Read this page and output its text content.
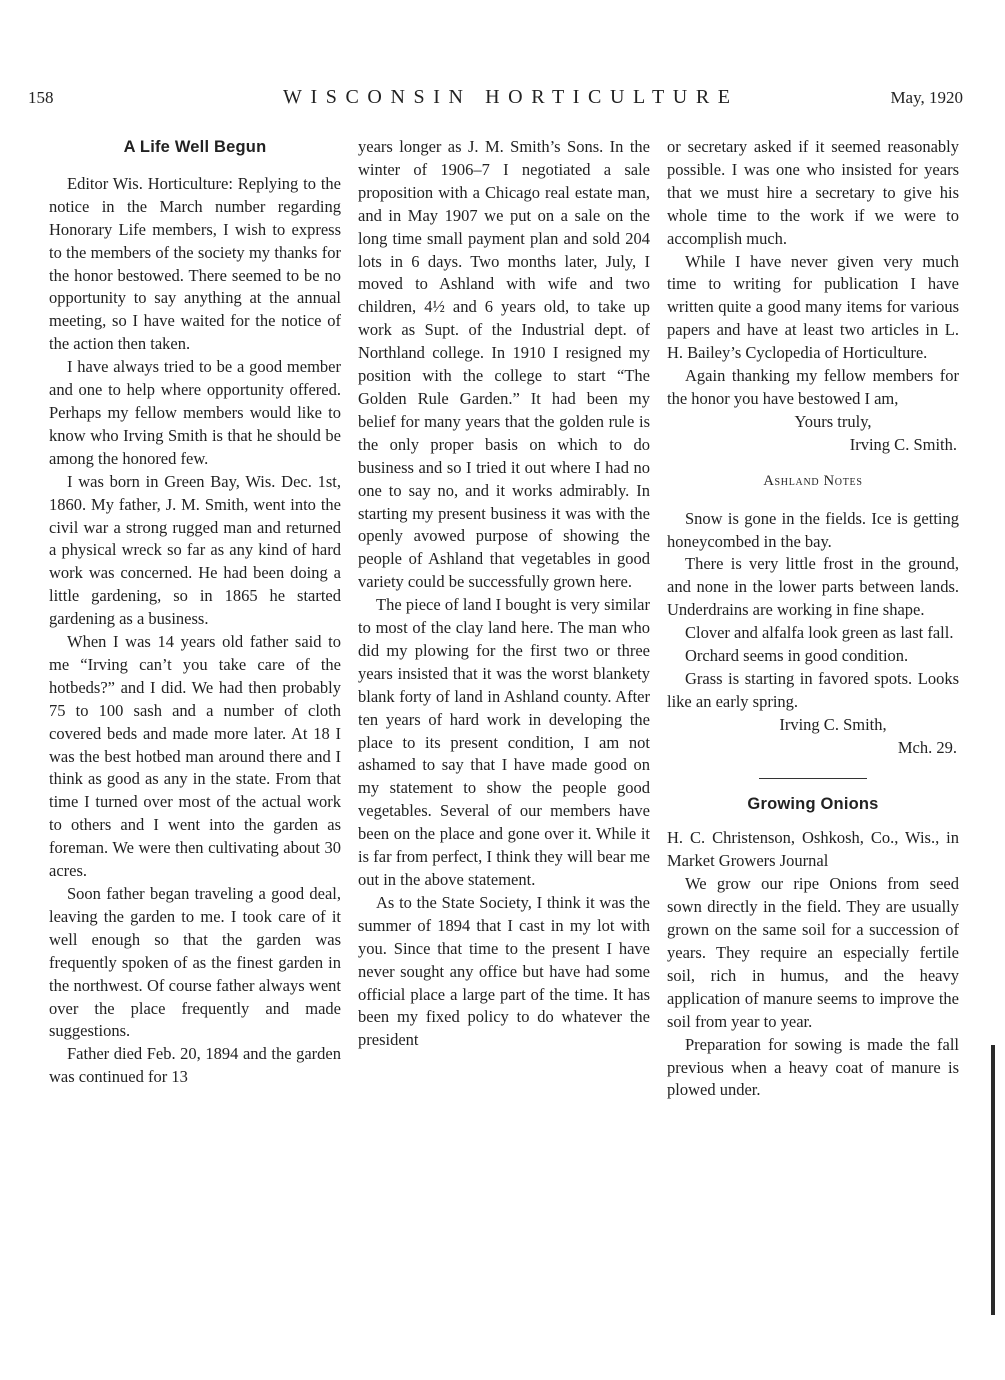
158	WISCONSIN HORTICULTURE	May, 1920
A Life Well Begun

Editor Wis. Horticulture: Replying to the notice in the March number regarding Honorary Life members, I wish to express to the members of the society my thanks for the honor bestowed. There seemed to be no opportunity to say anything at the annual meeting, so I have waited for the notice of the action then taken.

I have always tried to be a good member and one to help where opportunity offered. Perhaps my fellow members would like to know who Irving Smith is that he should be among the honored few.

I was born in Green Bay, Wis. Dec. 1st, 1860. My father, J. M. Smith, went into the civil war a strong rugged man and returned a physical wreck so far as any kind of hard work was concerned. He had been doing a little gardening, so in 1865 he started gardening as a business.

When I was 14 years old father said to me “Irving can’t you take care of the hotbeds?” and I did. We had then probably 75 to 100 sash and a number of cloth covered beds and made more later. At 18 I was the best hotbed man around there and I think as good as any in the state. From that time I turned over most of the actual work to others and I went into the garden as foreman. We were then cultivating about 30 acres.

Soon father began traveling a good deal, leaving the garden to me. I took care of it well enough so that the garden was frequently spoken of as the finest garden in the northwest. Of course father always went over the place frequently and made suggestions.

Father died Feb. 20, 1894 and the garden was continued for 13

years longer as J. M. Smith’s Sons. In the winter of 1906–7 I negotiated a sale proposition with a Chicago real estate man, and in May 1907 we put on a sale on the long time small payment plan and sold 204 lots in 6 days. Two months later, July, I moved to Ashland with wife and two children, 4½ and 6 years old, to take up work as Supt. of the Industrial dept. of Northland college. In 1910 I resigned my position with the college to start “The Golden Rule Garden.” It had been my belief for many years that the golden rule is the only proper basis on which to do business and so I tried it out where I had no one to say no, and it works admirably. In starting my present business it was with the openly avowed purpose of showing the people of Ashland that vegetables in good variety could be successfully grown here.

The piece of land I bought is very similar to most of the clay land here. The man who did my plowing for the first two or three years insisted that it was the worst blankety blank forty of land in Ashland county. After ten years of hard work in developing the place to its present condition, I am not ashamed to say that I have made good on my statement to show the people good vegetables. Several of our members have been on the place and gone over it. While it is far from perfect, I think they will bear me out in the above statement.

As to the State Society, I think it was the summer of 1894 that I cast in my lot with you. Since that time to the present I have never sought any office but have had some official place a large part of the time. It has been my fixed policy to do whatever the president

or secretary asked if it seemed reasonably possible. I was one who insisted for years that we must hire a secretary to give his whole time to the work if we were to accomplish much.

While I have never given very much time to writing for publication I have written quite a good many items for various papers and have at least two articles in L. H. Bailey’s Cyclopedia of Horticulture.

Again thanking my fellow members for the honor you have bestowed I am,

Yours truly,

Irving C. Smith.

Ashland Notes

Snow is gone in the fields. Ice is getting honeycombed in the bay.

There is very little frost in the ground, and none in the lower parts between lands. Underdrains are working in fine shape.

Clover and alfalfa look green as last fall.

Orchard seems in good condition.

Grass is starting in favored spots. Looks like an early spring.

Irving C. Smith,

Mch. 29.

Growing Onions

H. C. Christenson, Oshkosh, Co., Wis., in Market Growers Journal

We grow our ripe Onions from seed sown directly in the field. They are usually grown on the same soil for a succession of years. They require an especially fertile soil, rich in humus, and the heavy application of manure seems to improve the soil from year to year.

Preparation for sowing is made the fall previous when a heavy coat of manure is plowed under.
